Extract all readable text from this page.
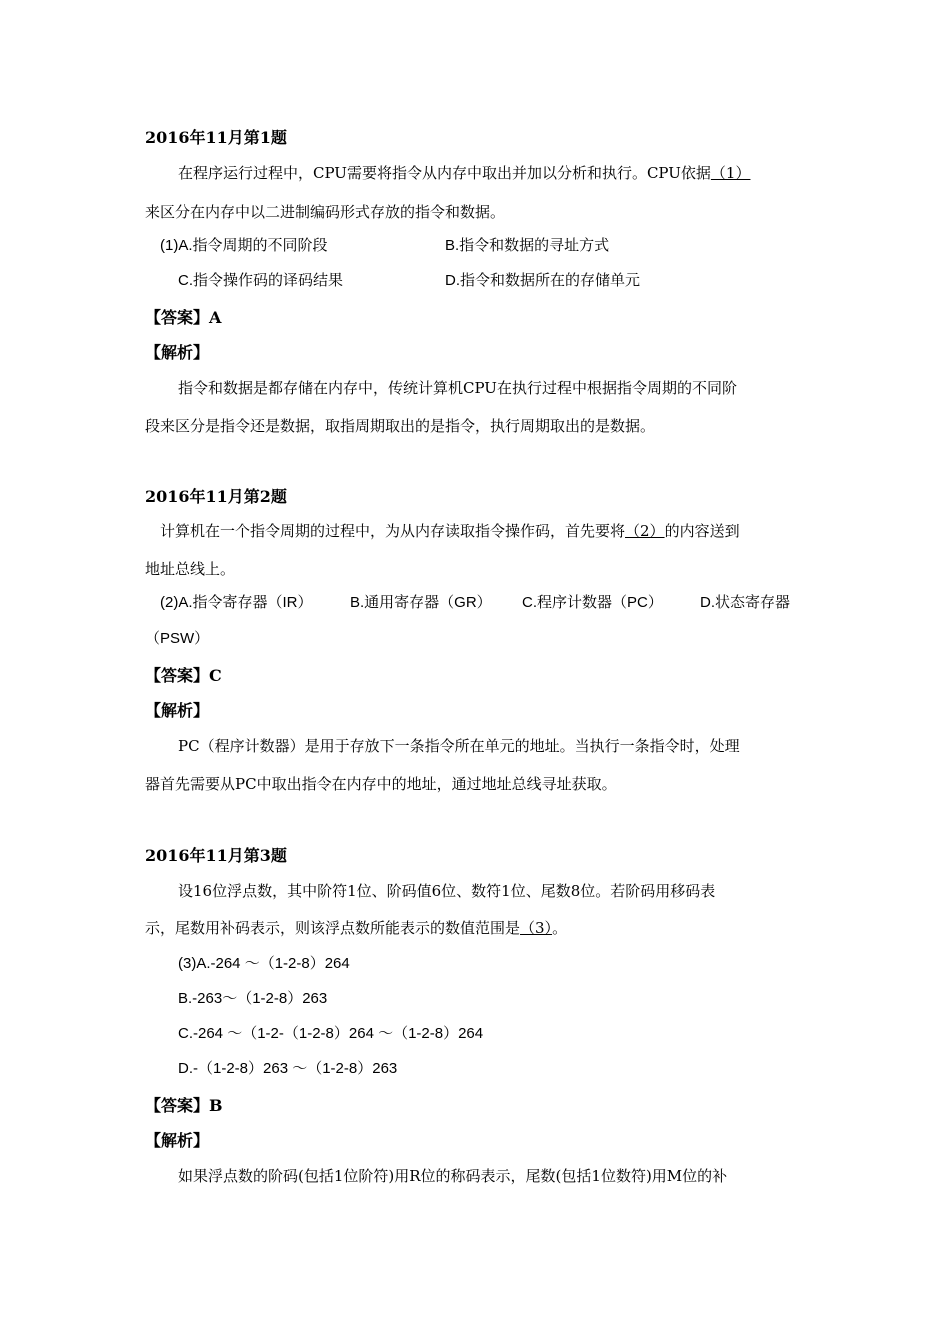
2016年11月第1题
在程序运行过程中，CPU需要将指令从内存中取出并加以分析和执行。CPU依据（1）
来区分在内存中以二进制编码形式存放的指令和数据。
(1)A.指令周期的不同阶段	B.指令和数据的寻址方式
C.指令操作码的译码结果	D.指令和数据所在的存储单元
【答案】A
【解析】
指令和数据是都存储在内存中，传统计算机CPU在执行过程中根据指令周期的不同阶
段来区分是指令还是数据，取指周期取出的是指令，执行周期取出的是数据。
2016年11月第2题
计算机在一个指令周期的过程中，为从内存读取指令操作码，首先要将（2）的内容送到
地址总线上。
(2)A.指令寄存器（IR） B.通用寄存器（GR） C.程序计数器（PC） D.状态寄存器
（PSW）
【答案】C
【解析】
PC（程序计数器）是用于存放下一条指令所在单元的地址。当执行一条指令时，处理
器首先需要从PC中取出指令在内存中的地址，通过地址总线寻址获取。
2016年11月第3题
设16位浮点数，其中阶符1位、阶码值6位、数符1位、尾数8位。若阶码用移码表
示，尾数用补码表示，则该浮点数所能表示的数值范围是（3）。
(3)A.-264 ～（1-2-8）264
B.-263～（1-2-8）263
C.-264 ～（1-2-（1-2-8）264 ～（1-2-8）264
D.-（1-2-8）263 ～（1-2-8）263
【答案】B
【解析】
如果浮点数的阶码(包括1位阶符)用R位的称码表示，尾数(包括1位数符)用M位的补
